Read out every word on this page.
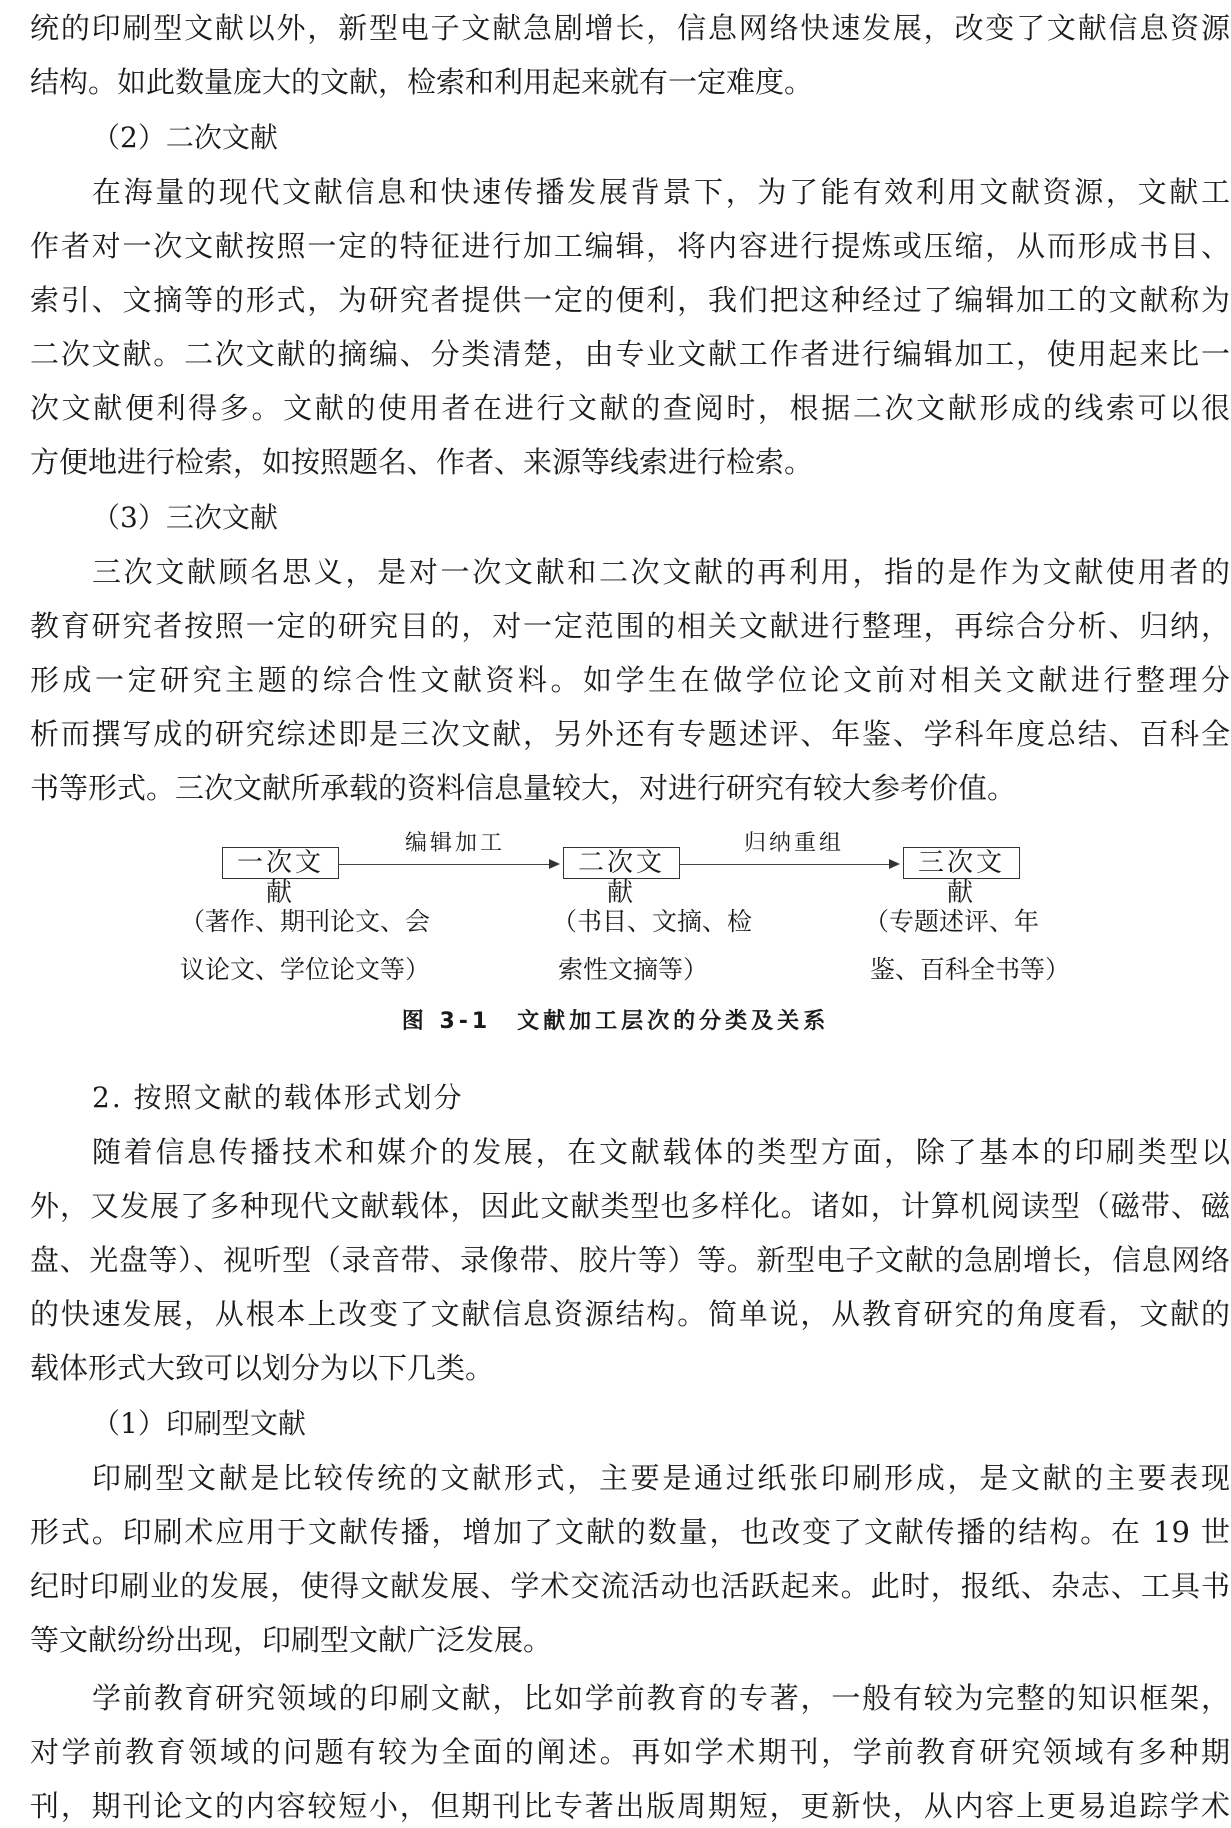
统的印刷型文献以外，新型电子文献急剧增长，信息网络快速发展，改变了文献信息资源
结构。如此数量庞大的文献，检索和利用起来就有一定难度。
（2）二次文献
在海量的现代文献信息和快速传播发展背景下，为了能有效利用文献资源，文献工
作者对一次文献按照一定的特征进行加工编辑，将内容进行提炼或压缩，从而形成书目、
索引、文摘等的形式，为研究者提供一定的便利，我们把这种经过了编辑加工的文献称为
二次文献。二次文献的摘编、分类清楚，由专业文献工作者进行编辑加工，使用起来比一
次文献便利得多。文献的使用者在进行文献的查阅时，根据二次文献形成的线索可以很
方便地进行检索，如按照题名、作者、来源等线索进行检索。
（3）三次文献
三次文献顾名思义，是对一次文献和二次文献的再利用，指的是作为文献使用者的
教育研究者按照一定的研究目的，对一定范围的相关文献进行整理，再综合分析、归纳，
形成一定研究主题的综合性文献资料。如学生在做学位论文前对相关文献进行整理分
析而撰写成的研究综述即是三次文献，另外还有专题述评、年鉴、学科年度总结、百科全
书等形式。三次文献所承载的资料信息量较大，对进行研究有较大参考价值。
一次文献
编辑加工
二次文献
归纳重组
三次文献
（著作、期刊论文、会
议论文、学位论文等）
（书目、文摘、检
索性文摘等）
（专题述评、年
鉴、百科全书等）
图 3-1　文献加工层次的分类及关系
2. 按照文献的载体形式划分
随着信息传播技术和媒介的发展，在文献载体的类型方面，除了基本的印刷类型以
外，又发展了多种现代文献载体，因此文献类型也多样化。诸如，计算机阅读型（磁带、磁
盘、光盘等）、视听型（录音带、录像带、胶片等）等。新型电子文献的急剧增长，信息网络
的快速发展，从根本上改变了文献信息资源结构。简单说，从教育研究的角度看，文献的
载体形式大致可以划分为以下几类。
（1）印刷型文献
印刷型文献是比较传统的文献形式，主要是通过纸张印刷形成，是文献的主要表现
形式。印刷术应用于文献传播，增加了文献的数量，也改变了文献传播的结构。在 19 世
纪时印刷业的发展，使得文献发展、学术交流活动也活跃起来。此时，报纸、杂志、工具书
等文献纷纷出现，印刷型文献广泛发展。
学前教育研究领域的印刷文献，比如学前教育的专著，一般有较为完整的知识框架，
对学前教育领域的问题有较为全面的阐述。再如学术期刊，学前教育研究领域有多种期
刊，期刊论文的内容较短小，但期刊比专著出版周期短，更新快，从内容上更易追踪学术
